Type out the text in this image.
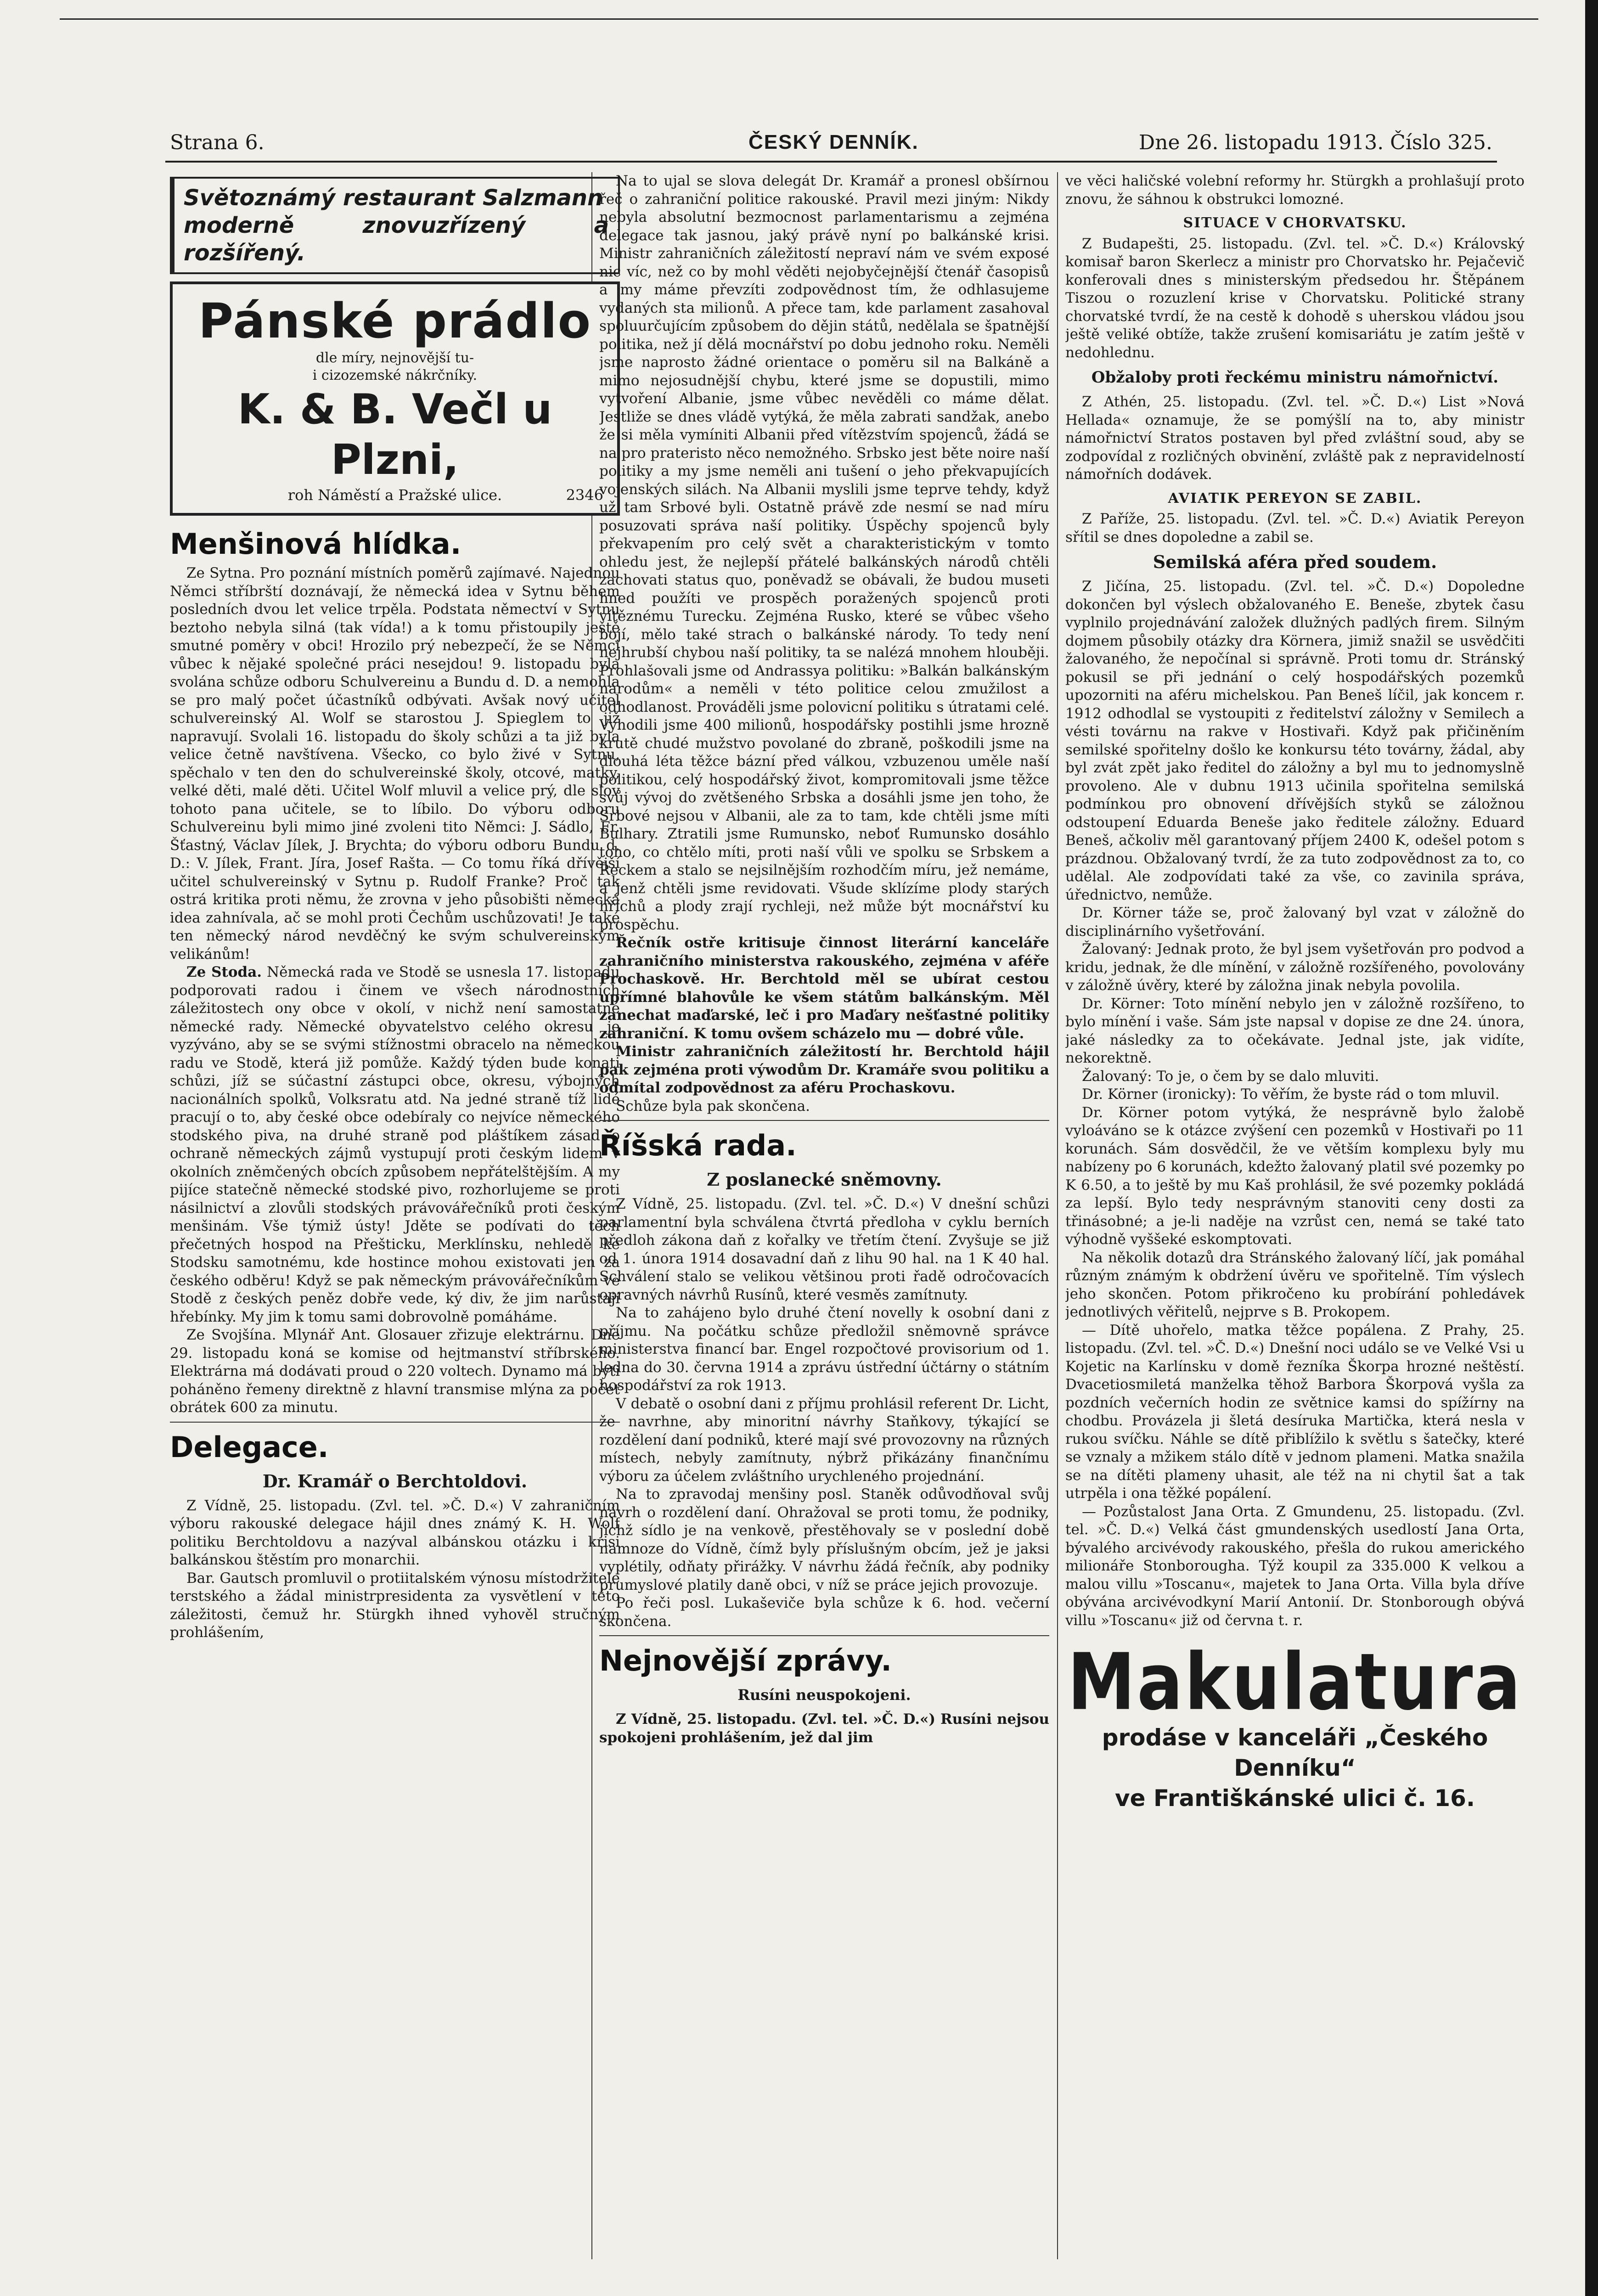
Strana 6.	ČESKÝ DENNÍK.	Dne 26. listopadu 1913. Číslo 325.
Světoznámý restaurant Salzmann
moderně znovuzřízený a rozšířený.
Pánské prádlo
dle míry, nejnovější tu-
i cizozemské nákrčníky.
K. & B. Večl u Plzni,
roh Náměstí a Pražské ulice.	2346
Menšinová hlídka.

Ze Sytna. Pro poznání místních poměrů zajímavé. Najednou Němci stříbrští doznávají, že německá idea v Sytnu během posledních dvou let velice trpěla. Podstata němectví v Sytnu beztoho nebyla silná (tak vída!) a k tomu přistoupily ještě smutné poměry v obci! Hrozilo prý nebezpečí, že se Němci vůbec k nějaké společné práci nesejdou! 9. listopadu byla svolána schůze odboru Schulvereinu a Bundu d. D. a nemohla se pro malý počet účastníků odbývati. Avšak nový učitel schulvereinský Al. Wolf se starostou J. Spieglem to již napravují. Svolali 16. listopadu do školy schůzi a ta již byla velice četně navštívena. Všecko, co bylo živé v Sytnu, spěchalo v ten den do schulvereinské školy, otcové, matky, velké děti, malé děti. Učitel Wolf mluvil a velice prý, dle slov tohoto pana učitele, se to líbilo. Do výboru odboru Schulvereinu byli mimo jiné zvoleni tito Němci: J. Sádlo, Fr. Šťastný, Václav Jílek, J. Brychta; do výboru odboru Bundu d. D.: V. Jílek, Frant. Jíra, Josef Rašta. — Co tomu říká dřívější učitel schulvereinský v Sytnu p. Rudolf Franke? Proč tak ostrá kritika proti němu, že zrovna v jeho působišti německá idea zahnívala, ač se mohl proti Čechům uschůzovati! Je také ten německý národ nevděčný ke svým schulvereinským velikánům!

Ze Stoda. Německá rada ve Stodě se usnesla 17. listopadu podporovati radou i činem ve všech národnostních záležitostech ony obce v okolí, v nichž není samostatné německé rady. Německé obyvatelstvo celého okresu je vyzýváno, aby se se svými stížnostmi obracelo na německou radu ve Stodě, která již pomůže. Každý týden bude konati schůzi, jíž se súčastní zástupci obce, okresu, výbojných nacionálních spolků, Volksratu atd. Na jedné straně tíž lidé pracují o to, aby české obce odebíraly co nejvíce německého stodského piva, na druhé straně pod pláštíkem zásad o ochraně německých zájmů vystupují proti českým lidem v okolních zněmčených obcích způsobem nepřátelštějším. A my pijíce statečně německé stodské pivo, rozhorlujeme se proti násilnictví a zlovůli stodských právovářečníků proti českým menšinám. Vše týmiž ústy! Jděte se podívati do těch přečetných hospod na Přešticku, Merklínsku, nehledě ke Stodsku samotnému, kde hostince mohou existovati jen za českého odběru! Když se pak německým právovářečníkům ve Stodě z českých peněz dobře vede, ký div, že jim narůstají hřebínky. My jim k tomu sami dobrovolně pomáháme.

Ze Svojšína. Mlynář Ant. Glosauer zřizuje elektrárnu. Dne 29. listopadu koná se komise od hejtmanství stříbrského. Elektrárna má dodávati proud o 220 voltech. Dynamo má býti poháněno řemeny direktně z hlavní transmise mlýna za počet obrátek 600 za minutu.

Delegace.
Dr. Kramář o Berchtoldovi.

Z Vídně, 25. listopadu. (Zvl. tel. »Č. D.«) V zahraničním výboru rakouské delegace hájil dnes známý K. H. Wolf politiku Berchtoldovu a nazýval albánskou otázku i krisi balkánskou štěstím pro monarchii.

Bar. Gautsch promluvil o protiitalském výnosu místodržitele terstského a žádal ministrpresidenta za vysvětlení v této záležitosti, čemuž hr. Stürgkh ihned vyhověl stručným prohlášením,

Na to ujal se slova delegát Dr. Kramář a pronesl obšírnou řeč o zahraniční politice rakouské. Pravil mezi jiným: Nikdy nebyla absolutní bezmocnost parlamentarismu a zejména delegace tak jasnou, jaký právě nyní po balkánské krisi. Ministr zahraničních záležitostí nepraví nám ve svém exposé nic víc, než co by mohl věděti nejobyčejnější čtenář časopisů a my máme převzíti zodpovědnost tím, že odhlasujeme vydaných sta milionů. A přece tam, kde parlament zasahoval spoluurčujícím způsobem do dějin států, nedělala se špatnější politika, než jí dělá mocnářství po dobu jednoho roku. Neměli jsme naprosto žádné orientace o poměru sil na Balkáně a mimo nejosudnější chybu, které jsme se dopustili, mimo vytvoření Albanie, jsme vůbec nevěděli co máme dělat. Jestliže se dnes vládě vytýká, že měla zabrati sandžak, anebo že si měla vymíniti Albanii před vítězstvím spojenců, žádá se na pro prateristo něco nemožného. Srbsko jest běte noire naší politiky a my jsme neměli ani tušení o jeho překvapujících vojenských silách. Na Albanii myslili jsme teprve tehdy, když už tam Srbové byli. Ostatně právě zde nesmí se nad míru posuzovati správa naší politiky. Úspěchy spojenců byly překvapením pro celý svět a charakteristickým v tomto ohledu jest, že nejlepší přátelé balkánských národů chtěli zachovati status quo, poněvadž se obávali, že budou museti hned použíti ve prospěch poražených spojenců proti vítěznému Turecku. Zejména Rusko, které se vůbec všeho bojí, mělo také strach o balkánské národy. To tedy není nejhrubší chybou naší politiky, ta se nalézá mnohem hlouběji. Prohlašovali jsme od Andrassya politiku: »Balkán balkánským národům« a neměli v této politice celou zmužilost a odhodlanost. Prováděli jsme polovicní politiku s útratami celé. Vyhodili jsme 400 milionů, hospodářsky postihli jsme hrozně krutě chudé mužstvo povolané do zbraně, poškodili jsme na dlouhá léta těžce bázní před válkou, vzbuzenou uměle naší politikou, celý hospodářský život, kompromitovali jsme těžce svůj vývoj do zvětšeného Srbska a dosáhli jsme jen toho, že Srbové nejsou v Albanii, ale za to tam, kde chtěli jsme míti Bulhary. Ztratili jsme Rumunsko, neboť Rumunsko dosáhlo toho, co chtělo míti, proti naší vůli ve spolku se Srbskem a Řeckem a stalo se nejsilnějším rozhodčím míru, jež nemáme, a jenž chtěli jsme revidovati. Všude sklízíme plody starých hříchů a plody zrají rychleji, než může být mocnářství ku prospěchu.

Řečník ostře kritisuje činnost literární kanceláře zahraničního ministerstva rakouského, zejména v aféře Prochaskově. Hr. Berchtold měl se ubírat cestou upřímné blahovůle ke všem státům balkánským. Měl zanechat maďarské, leč i pro Maďary nešťastné politiky zahraniční. K tomu ovšem scházelo mu — dobré vůle.

Ministr zahraničních záležitostí hr. Berchtold hájil pak zejména proti výwodům Dr. Kramáře svou politiku a odmítal zodpovědnost za aféru Prochaskovu.

Schůze byla pak skončena.

Říšská rada.
Z poslanecké sněmovny.

Z Vídně, 25. listopadu. (Zvl. tel. »Č. D.«) V dnešní schůzi parlamentní byla schválena čtvrtá předloha v cyklu berních předloh zákona daň z kořalky ve třetím čtení. Zvyšuje se již od 1. února 1914 dosavadní daň z lihu 90 hal. na 1 K 40 hal. Schválení stalo se velikou většinou proti řadě odročovacích opravných návrhů Rusínů, které vesměs zamítnuty.

Na to zahájeno bylo druhé čtení novelly k osobní dani z příjmu. Na počátku schůze předložil sněmovně správce ministerstva financí bar. Engel rozpočtové provisorium od 1. ledna do 30. června 1914 a zprávu ústřední účtárny o státním hospodářství za rok 1913.

V debatě o osobní dani z příjmu prohlásil referent Dr. Licht, že navrhne, aby minoritní návrhy Staňkovy, týkající se rozdělení daní podniků, které mají své provozovny na různých místech, nebyly zamítnuty, nýbrž přikázány finančnímu výboru za účelem zvláštního urychleného projednání.

Na to zpravodaj menšiny posl. Staněk odůvodňoval svůj návrh o rozdělení daní. Ohražoval se proti tomu, že podniky, jichž sídlo je na venkově, přestěhovaly se v poslední době namnoze do Vídně, čímž byly příslušným obcím, jež je jaksi vyplétily, odňaty přirážky. V návrhu žádá řečník, aby podniky prumyslové platily daně obci, v níž se práce jejich provozuje.

Po řeči posl. Lukaševiče byla schůze k 6. hod. večerní skončena.

Nejnovější zprávy.
Rusíni neuspokojeni.

Z Vídně, 25. listopadu. (Zvl. tel. »Č. D.«) Rusíni nejsou spokojeni prohlášením, jež dal jim

ve věci haličské volební reformy hr. Stürgkh a prohlašují proto znovu, že sáhnou k obstrukci lomozné.

SITUACE V CHORVATSKU.

Z Budapešti, 25. listopadu. (Zvl. tel. »Č. D.«) Královský komisař baron Skerlecz a ministr pro Chorvatsko hr. Pejačevič konferovali dnes s ministerským předsedou hr. Štěpánem Tiszou o rozuzlení krise v Chorvatsku. Politické strany chorvatské tvrdí, že na cestě k dohodě s uherskou vládou jsou ještě veliké obtíže, takže zrušení komisariátu je zatím ještě v nedohlednu.

Obžaloby proti řeckému ministru námořnictví.

Z Athén, 25. listopadu. (Zvl. tel. »Č. D.«) List »Nová Hellada« oznamuje, že se pomýšlí na to, aby ministr námořnictví Stratos postaven byl před zvláštní soud, aby se zodpovídal z rozličných obvinění, zvláště pak z nepravidelností námořních dodávek.

AVIATIK PEREYON SE ZABIL.

Z Paříže, 25. listopadu. (Zvl. tel. »Č. D.«) Aviatik Pereyon sřítil se dnes dopoledne a zabil se.

Semilská aféra před soudem.

Z Jičína, 25. listopadu. (Zvl. tel. »Č. D.«) Dopoledne dokončen byl výslech obžalovaného E. Beneše, zbytek času vyplnilo projednávání založek dlužných padlých firem. Silným dojmem působily otázky dra Körnera, jimiž snažil se usvědčiti žalovaného, že nepočínal si správně. Proti tomu dr. Stránský pokusil se při jednání o celý hospodářských pozemků upozorniti na aféru michelskou. Pan Beneš líčil, jak koncem r. 1912 odhodlal se vystoupiti z ředitelství záložny v Semilech a vésti továrnu na rakve v Hostivaři. Když pak přičiněním semilské spořitelny došlo ke konkursu této továrny, žádal, aby byl zvát zpět jako ředitel do záložny a byl mu to jednomyslně provoleno. Ale v dubnu 1913 učinila spořitelna semilská podmínkou pro obnovení dřívějších styků se záložnou odstoupení Eduarda Beneše jako ředitele záložny. Eduard Beneš, ačkoliv měl garantovaný příjem 2400 K, odešel potom s prázdnou. Obžalovaný tvrdí, že za tuto zodpovědnost za to, co udělal. Ale zodpovídati také za vše, co zavinila správa, úřednictvo, nemůže.

Dr. Körner táže se, proč žalovaný byl vzat v záložně do disciplinárního vyšetřování.

Žalovaný: Jednak proto, že byl jsem vyšetřován pro podvod a kridu, jednak, že dle mínění, v záložně rozšířeného, povolovány v záložně úvěry, které by záložna jinak nebyla povolila.

Dr. Körner: Toto mínění nebylo jen v záložně rozšířeno, to bylo mínění i vaše. Sám jste napsal v dopise ze dne 24. února, jaké následky za to očekávate. Jednal jste, jak vidíte, nekorektně.

Žalovaný: To je, o čem by se dalo mluviti.

Dr. Körner (ironicky): To věřím, že byste rád o tom mluvil.

Dr. Körner potom vytýká, že nesprávně bylo žalobě vyloáváno se k otázce zvýšení cen pozemků v Hostivaři po 11 korunách. Sám dosvědčil, že ve větším komplexu byly mu nabízeny po 6 korunách, kdežto žalovaný platil své pozemky po K 6.50, a to ještě by mu Kaš prohlásil, že své pozemky pokládá za lepší. Bylo tedy nesprávným stanoviti ceny dosti za třinásobné; a je-li naděje na vzrůst cen, nemá se také tato výhodně vyššeké eskomptovati.

Na několik dotazů dra Stránského žalovaný líčí, jak pomáhal různým známým k obdržení úvěru ve spořitelně. Tím výslech jeho skončen. Potom přikročeno ku probírání pohledávek jednotlivých věřitelů, nejprve s B. Prokopem.

— Dítě uhořelo, matka těžce popálena. Z Prahy, 25. listopadu. (Zvl. tel. »Č. D.«) Dnešní noci událo se ve Velké Vsi u Kojetic na Karlínsku v domě řezníka Škorpa hrozné neštěstí. Dvacetiosmiletá manželka těhož Barbora Škorpová vyšla za pozdních večerních hodin ze světnice kamsi do spížírny na chodbu. Provázela ji šletá desíruka Martička, která nesla v rukou svíčku. Náhle se dítě přiblížilo k světlu s šatečky, které se vznaly a mžikem stálo dítě v jednom plameni. Matka snažila se na dítěti plameny uhasit, ale též na ni chytil šat a tak utrpěla i ona těžké popálení.

— Pozůstalost Jana Orta. Z Gmundenu, 25. listopadu. (Zvl. tel. »Č. D.«) Velká část gmundenských usedlostí Jana Orta, bývalého arcivévody rakouského, přešla do rukou amerického milionáře Stonboroughа. Týž koupil za 335.000 K velkou a malou villu »Toscanu«, majetek to Jana Orta. Villa byla dříve obývána arcivévodkyní Marií Antonií. Dr. Stonborough obývá villu »Toscanu« již od června t. r.

Makulatura
prodáse v kanceláři „Českého Denníku“
ve Františkánské ulici č. 16.
